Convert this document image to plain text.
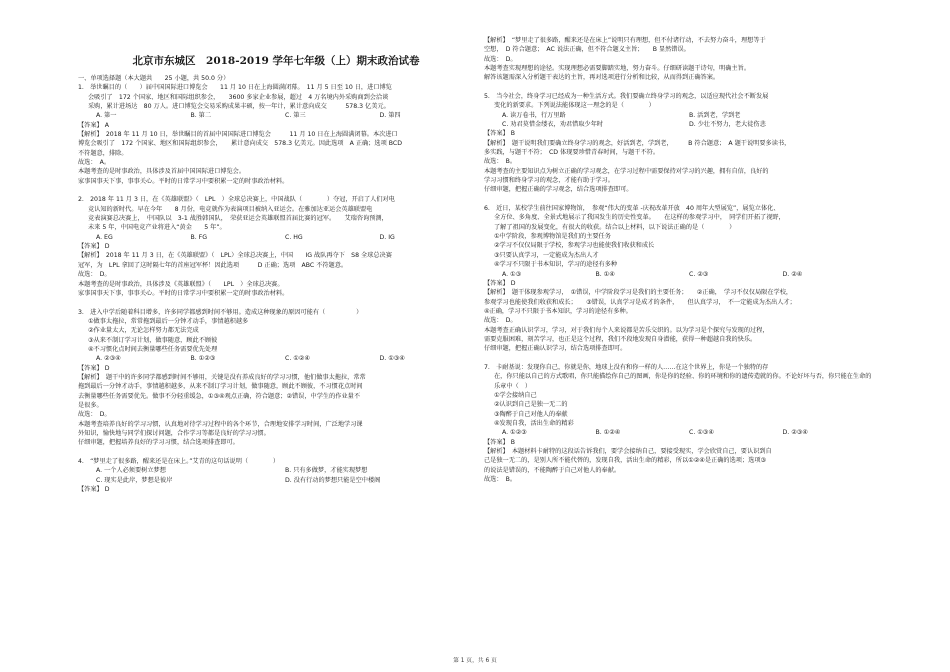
北京市东城区　2018-2019 学年七年级（上）期末政治试卷
一、单项选择题（本大题共　　25 小题，共 50.0 分）
1.　举世瞩目的（　　）届中国国际进口博览会　　11 月 10 日在上海圆满闭幕。　11 月 5 日至 10 日，进口博览
会吸引了　172 个国家、地区和国际组织参会，　　3600 多家企业参展，超过　4 万名境内外采购商到会洽谈
采购，累计进场达　80 万人。进口博览会交易采购成果丰硕，按一年计，累计意向成交　　　578.3 亿美元。
A. 第一	B. 第二	C. 第三	D. 第四
【答案】 A
【解析】　2018 年 11 月 10 日，举世瞩目的首届中国国际进口博览会　　　11 月 10 日在上海圆满闭幕。本次进口
博览会吸引了　172 个国家、地区和国际组织参会，　　累计意向成交　578.3 亿美元。因此选项　A 正确；选项 BCD
不符题意，排除。
故选：　A。
本题考查的是时事政治，具体涉及首届中国国际进口博览会。
家事国事天下事，事事关心。平时的日常学习中要积累一定的时事政治材料。
2.　2018 年 11 月 3 日，在《英雄联盟》（　LPL　）全球总决赛上，中国战队（　　　　）夺冠，开启了人们对电
竞认知的新时代。早在今年　　8 月份，电竞就作为表演项目被纳入亚运会。在雅加达亚运会英雄联盟电
竞表演赛总决赛上，　中国队以　3-1 战胜韩国队，　荣获亚运会英雄联盟首届比赛的冠军。　　艾瑞咨询预测，
未来 5 年，中国电竞产业将进入“黄金　　5 年”。
A. EG	B. FG	C. HG	D. IG
【答案】 D
【解析】　2018 年 11 月 3 日，在《英雄联盟》（　LPL）全球总决赛上，中国　　IG 战队再夺下　S8 全球总决赛
冠军，为　LPL 拿回了这时隔七年的首座冠军杯！因此选项　　　D 正确；选项　ABC 不符题意。
故选：　D。
本题考查的是时事政治，具体涉及《英雄联盟》（　　LPL　）全球总决赛。
家事国事天下事，事事关心。平时的日常学习中要积累一定的时事政治材料。
3.　进入中学后随着科目增多，许多同学都感到时间不够用。造成这种现象的原因可能有（　　　　　）
①做事太拖拉，常常拖到最后一分钟才动手，事情越积越多
②作业量太大，无论怎样努力都无法完成
③从来不制订学习计划，做事随意，顾此不顾彼
④不习惯化点时间去衡量哪些任务需要优先处理
A. ②③④	B. ①②③	C. ①②④	D. ①③④
【答案】 D
【解析】　题干中的许多同学都感到时间不够用，关键是没有养成良好的学习习惯，他们做事太拖拉，常常
拖到最后一分钟才动手，事情越积越多，从来不制订学习计划，做事随意，顾此不顾彼，不习惯花点时间
去衡量哪些任务需要优先。做事不分轻重缓急，①③④观点正确，符合题意；②错误，中学生的作业量不
是很多。
故选：　D。
本题考查培养良好的学习习惯，认真地对待学习过程中的各个环节，合理地安排学习时间，广泛地学习课
外知识，愉快地与同学们探讨问题，合作学习等都是良好的学习习惯。
仔细审题，把握培养良好的学习习惯，结合选项排查即可。
4.　“梦里走了很多路，醒来还是在床上。”艾青的这句话说明（　　　　）
A. 一个人必须要树立梦想	B. 只有多做梦，才能实现梦想
C. 现实是此岸，梦想是彼岸	D. 没有行动的梦想只能是空中楼阁
【答案】 D
【解析】　“梦里走了很多路，醒来还是在床上”说明只有理想，但不付诸行动，不去努力奋斗，理想等于
空想，　D 符合题意；　AC 说法正确，但不符合题义主旨；　　B 显然错误。
故选：　D。
本题考查实现理想的途径。实现理想必需要脚踏实地，努力奋斗。仔细研读题干诗句，明确主旨。
解答该题需深入分析题干表达的主旨，再对选项进行分析和比较，从而得到正确答案。
5.　当今社会，终身学习已经成为一种生活方式。我们要确立终身学习的观念，以适应现代社会不断发展
变化的新要求。下列说法能体现这一理念的是（　　　　）
A. 读万卷书，行万里路	B. 活到老，学到老
C. 劝君莫惜金缕衣，劝君惜取少年时	D. 少壮不努力，老大徒伤悲
【答案】 B
【解析】　题干说明我们要确立终身学习的观念，好活到老，学到老，　　　B 符合题意；　A 题干说明要多读书，
多实践，与题干不符；　CD 体现要珍惜青春时间，与题干不符。
故选：　B。
本题考查的主要知识点为树立正确的学习观念，在学习过程中需要保持对学习的兴趣，拥有自信，良好的
学习习惯和终身学习的观念，才能有助于学习。
仔细审题，把握正确的学习观念，结合选项排查即可。
6.　近日，某校学生前往国家博物馆，　参观“伟大的变革 -庆祝改革开放　40 周年大型展览”，展览立体化、
全方位、多角度、全景式地展示了我国发生的历史性变革。　　在这样的参观学习中，　同学们开拓了视野，
了解了祖国的发展变化，有很大的收获。结合以上材料，以下说法正确的是（　　　　）
①中学阶段，参观博物馆是我们的主要任务
②学习不仅仅局限于学校，参观学习也能使我们收获和成长
③只要认真学习，一定能成为杰出人才
④学习不只限于书本知识，学习的途径有多种
A. ①③	B. ①④	C. ②③	D. ②④
【答案】 D
【解析】　题干体现参观学习，　①错误，中学阶段学习是我们的主要任务；　　②正确，　学习不仅仅局限在学校，
参观学习也能使我们收获和成长；　　③错误，认真学习是成才的条件，　　但认真学习，　不一定能成为杰出人才；
④正确，学习不只限于书本知识，学习的途径有多种。
故选：　D。
本题考查正确认识学习，学习，对于我们每个人来说都是苦乐交织的。以为学习是个探究与发现的过程，
需要克服困难，刻苦学习，也正是这个过程，我们不段地发现自身潜能，获得一种超越自我的快乐。
仔细审题，把握正确认识学习，结合选项排查即可。
7.　卡耐基说：发现你自己，你就是你，地球上没有和你一样的人……在这个世界上，你是一个独特的存
在，你只能以自己的方式歌唱，你只能描绘你自己的图画，你是你的经验、你的环境和你的遗传造就的你。不论好坏与否，你只能在生命的
乐章中（　）
①学会接纳自己
②认识到自己是独一无二的
③陶醉于自己对他人的奉献
④发现自我，活出生命的精彩
A. ①②③	B. ①②④	C. ①③④	D. ②③④
【答案】 B
【解析】　本题材料卡耐特的这段话告诉我们，要学会接纳自己，要接受现实，学会欣赏自己，要认识到自
己是独一无二的，是别人所不能代替的，发现自我，活出生命的精彩，所以①②④是正确的选项；选项③
的说法是错误的，不能陶醉于自己对他人的奉献。
故选：　B。
第 1 页，共 6 页
